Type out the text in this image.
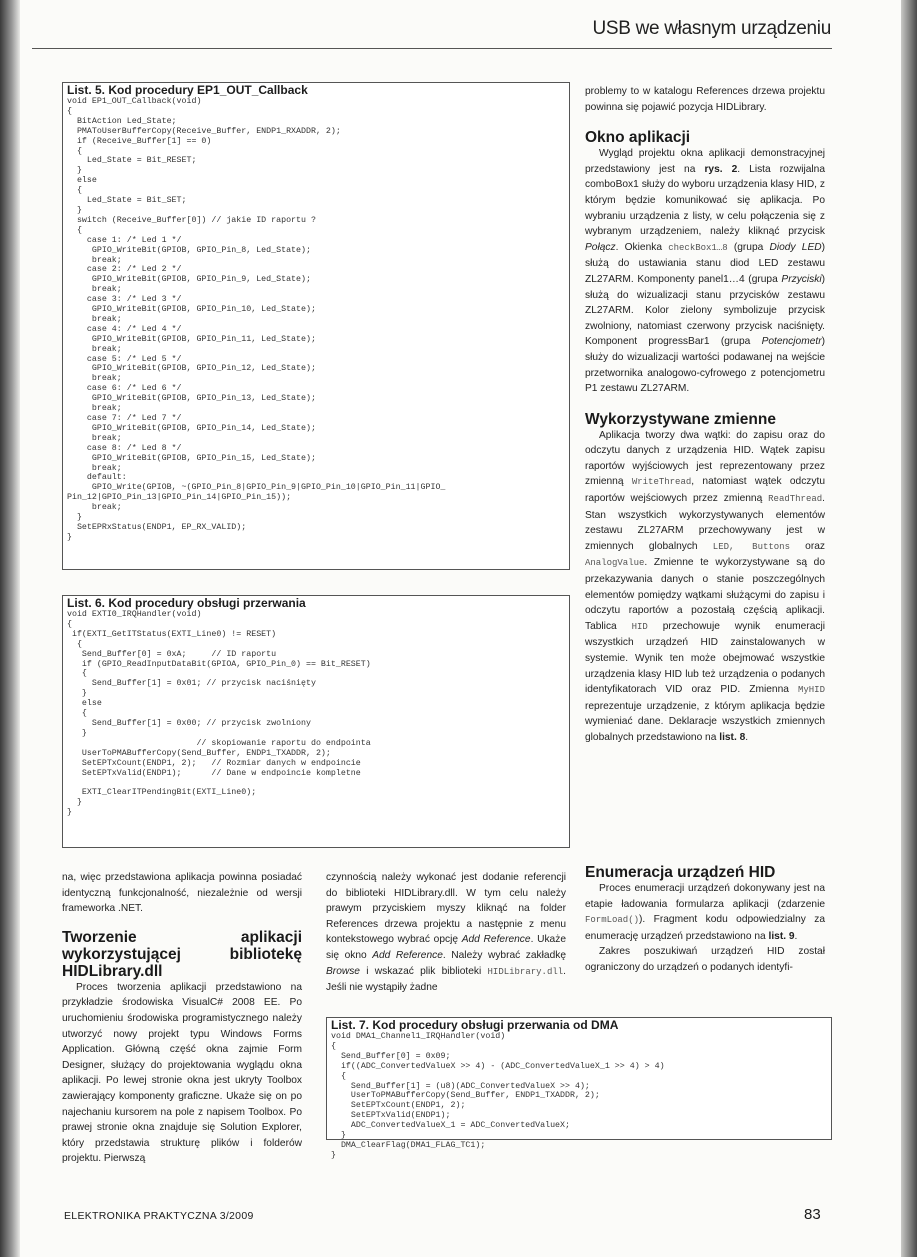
USB we własnym urządzeniu
List. 5. Kod procedury EP1_OUT_Callback
void EP1_OUT_Callback(void)
{
BitAction Led_State;
PMAToUserBufferCopy(Receive_Buffer, ENDP1_RXADDR, 2);
if (Receive_Buffer[1] == 0)
{
Led_State = Bit_RESET;
}
else
{
Led_State = Bit_SET;
}
switch (Receive_Buffer[0]) // jakie ID raportu ?
{
case 1: /* Led 1 */
GPIO_WriteBit(GPIOB, GPIO_Pin_8, Led_State);
break;
case 2: /* Led 2 */
GPIO_WriteBit(GPIOB, GPIO_Pin_9, Led_State);
break;
case 3: /* Led 3 */
GPIO_WriteBit(GPIOB, GPIO_Pin_10, Led_State);
break;
case 4: /* Led 4 */
GPIO_WriteBit(GPIOB, GPIO_Pin_11, Led_State);
break;
case 5: /* Led 5 */
GPIO_WriteBit(GPIOB, GPIO_Pin_12, Led_State);
break;
case 6: /* Led 6 */
GPIO_WriteBit(GPIOB, GPIO_Pin_13, Led_State);
break;
case 7: /* Led 7 */
GPIO_WriteBit(GPIOB, GPIO_Pin_14, Led_State);
break;
case 8: /* Led 8 */
GPIO_WriteBit(GPIOB, GPIO_Pin_15, Led_State);
break;
default:
GPIO_Write(GPIOB, ~(GPIO_Pin_8|GPIO_Pin_9|GPIO_Pin_10|GPIO_Pin_11|GPIO_
Pin_12|GPIO_Pin_13|GPIO_Pin_14|GPIO_Pin_15));
break;
}
SetEPRxStatus(ENDP1, EP_RX_VALID);
}
List. 6. Kod procedury obsługi przerwania
void EXTI0_IRQHandler(void)
{
if(EXTI_GetITStatus(EXTI_Line0) != RESET)
{
Send_Buffer[0] = 0xA;     // ID raportu
if (GPIO_ReadInputDataBit(GPIOA, GPIO_Pin_0) == Bit_RESET)
{
Send_Buffer[1] = 0x01; // przycisk naciśnięty
}
else
{
Send_Buffer[1] = 0x00; // przycisk zwolniony
}
// skopiowanie raportu do endpointa
UserToPMABufferCopy(Send_Buffer, ENDP1_TXADDR, 2);
SetEPTxCount(ENDP1, 2);   // Rozmiar danych w endpoincie
SetEPTxValid(ENDP1);      // Dane w endpoincie kompletne

EXTI_ClearITPendingBit(EXTI_Line0);
}
}
List. 7. Kod procedury obsługi przerwania od DMA
void DMA1_Channel1_IRQHandler(void)
{
Send_Buffer[0] = 0x09;
if((ADC_ConvertedValueX >> 4) - (ADC_ConvertedValueX_1 >> 4) > 4)
{
Send_Buffer[1] = (u8)(ADC_ConvertedValueX >> 4);
UserToPMABufferCopy(Send_Buffer, ENDP1_TXADDR, 2);
SetEPTxCount(ENDP1, 2);
SetEPTxValid(ENDP1);
ADC_ConvertedValueX_1 = ADC_ConvertedValueX;
}
DMA_ClearFlag(DMA1_FLAG_TC1);
}

problemy to w katalogu References drzewa projektu powinna się pojawić pozycja HIDLibrary.

Okno aplikacji

Wygląd projektu okna aplikacji demonstracyjnej przedstawiony jest na rys. 2. Lista rozwijalna comboBox1 służy do wyboru urządzenia klasy HID, z którym będzie komunikować się aplikacja. Po wybraniu urządzenia z listy, w celu połączenia się z wybranym urządzeniem, należy kliknąć przycisk Połącz. Okienka checkBox1…8 (grupa Diody LED) służą do ustawiania stanu diod LED zestawu ZL27ARM. Komponenty panel1…4 (grupa Przyciski) służą do wizualizacji stanu przycisków zestawu ZL27ARM. Kolor zielony symbolizuje przycisk zwolniony, natomiast czerwony przycisk naciśnięty. Komponent progressBar1 (grupa Potencjometr) służy do wizualizacji wartości podawanej na wejście przetwornika analogowo-cyfrowego z potencjometru P1 zestawu ZL27ARM.

Wykorzystywane zmienne

Aplikacja tworzy dwa wątki: do zapisu oraz do odczytu danych z urządzenia HID. Wątek zapisu raportów wyjściowych jest reprezentowany przez zmienną WriteThread, natomiast wątek odczytu raportów wejściowych przez zmienną ReadThread. Stan wszystkich wykorzystywanych elementów zestawu ZL27ARM przechowywany jest w zmiennych globalnych LED, Buttons oraz AnalogValue. Zmienne te wykorzystywane są do przekazywania danych o stanie poszczególnych elementów pomiędzy wątkami służącymi do zapisu i odczytu raportów a pozostałą częścią aplikacji. Tablica HID przechowuje wynik enumeracji wszystkich urządzeń HID zainstalowanych w systemie. Wynik ten może obejmować wszystkie urządzenia klasy HID lub też urządzenia o podanych identyfikatorach VID oraz PID. Zmienna MyHID reprezentuje urządzenie, z którym aplikacja będzie wymieniać dane. Deklaracje wszystkich zmiennych globalnych przedstawiono na list. 8.

Enumeracja urządzeń HID

Proces enumeracji urządzeń dokonywany jest na etapie ładowania formularza aplikacji (zdarzenie FormLoad()). Fragment kodu odpowiedzialny za enumerację urządzeń przedstawiono na list. 9.

Zakres poszukiwań urządzeń HID został ograniczony do urządzeń o podanych identyfi-

na, więc przedstawiona aplikacja powinna posiadać identyczną funkcjonalność, niezależnie od wersji frameworka .NET.

Tworzenie aplikacji wykorzystującej bibliotekę HIDLibrary.dll

Proces tworzenia aplikacji przedstawiono na przykładzie środowiska VisualC# 2008 EE. Po uruchomieniu środowiska programistycznego należy utworzyć nowy projekt typu Windows Forms Application. Główną część okna zajmie Form Designer, służący do projektowania wyglądu okna aplikacji. Po lewej stronie okna jest ukryty Toolbox zawierający komponenty graficzne. Ukaże się on po najechaniu kursorem na pole z napisem Toolbox. Po prawej stronie okna znajduje się Solution Explorer, który przedstawia strukturę plików i folderów projektu. Pierwszą

czynnością należy wykonać jest dodanie referencji do biblioteki HIDLibrary.dll. W tym celu należy prawym przyciskiem myszy kliknąć na folder References drzewa projektu a następnie z menu kontekstowego wybrać opcję Add Reference. Ukaże się okno Add Reference. Należy wybrać zakładkę Browse i wskazać plik biblioteki HIDLibrary.dll. Jeśli nie wystąpiły żadne

ELEKTRONIKA PRAKTYCZNA 3/2009	83
